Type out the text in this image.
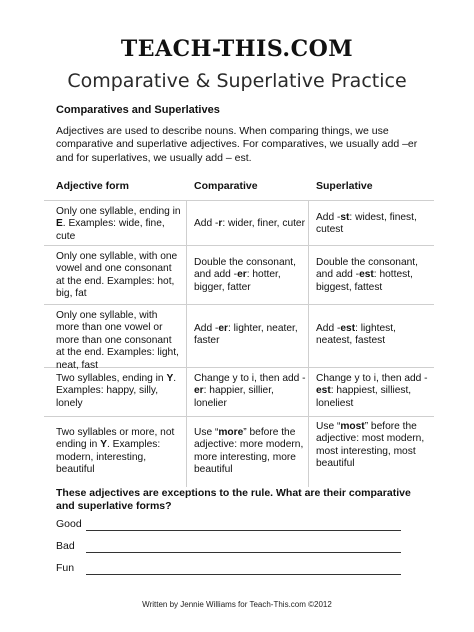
TEACH-THIS.COM
Comparative & Superlative Practice
Comparatives and Superlatives
Adjectives are used to describe nouns. When comparing things, we use comparative and superlative adjectives. For comparatives, we usually add –er and for superlatives, we usually add – est.
Adjective form	Comparative	Superlative
Only one syllable, ending in E. Examples: wide, fine, cute
Add -r: wider, finer, cuter
Add -st: widest, finest, cutest
Only one syllable, with one vowel and one consonant at the end. Examples: hot, big, fat
Double the consonant, and add -er: hotter, bigger, fatter
Double the consonant, and add -est: hottest, biggest, fattest
Only one syllable, with more than one vowel or more than one consonant at the end. Examples: light, neat, fast
Add -er: lighter, neater, faster
Add -est: lightest, neatest, fastest
Two syllables, ending in Y. Examples: happy, silly, lonely
Change y to i, then add -er: happier, sillier, lonelier
Change y to i, then add -est: happiest, silliest, loneliest
Two syllables or more, not ending in Y. Examples: modern, interesting, beautiful
Use “more” before the adjective: more modern, more interesting, more beautiful
Use “most” before the adjective: most modern, most interesting, most beautiful
These adjectives are exceptions to the rule. What are their comparative and superlative forms?
Good
Bad
Fun
Written by Jennie Williams for Teach-This.com ©2012
